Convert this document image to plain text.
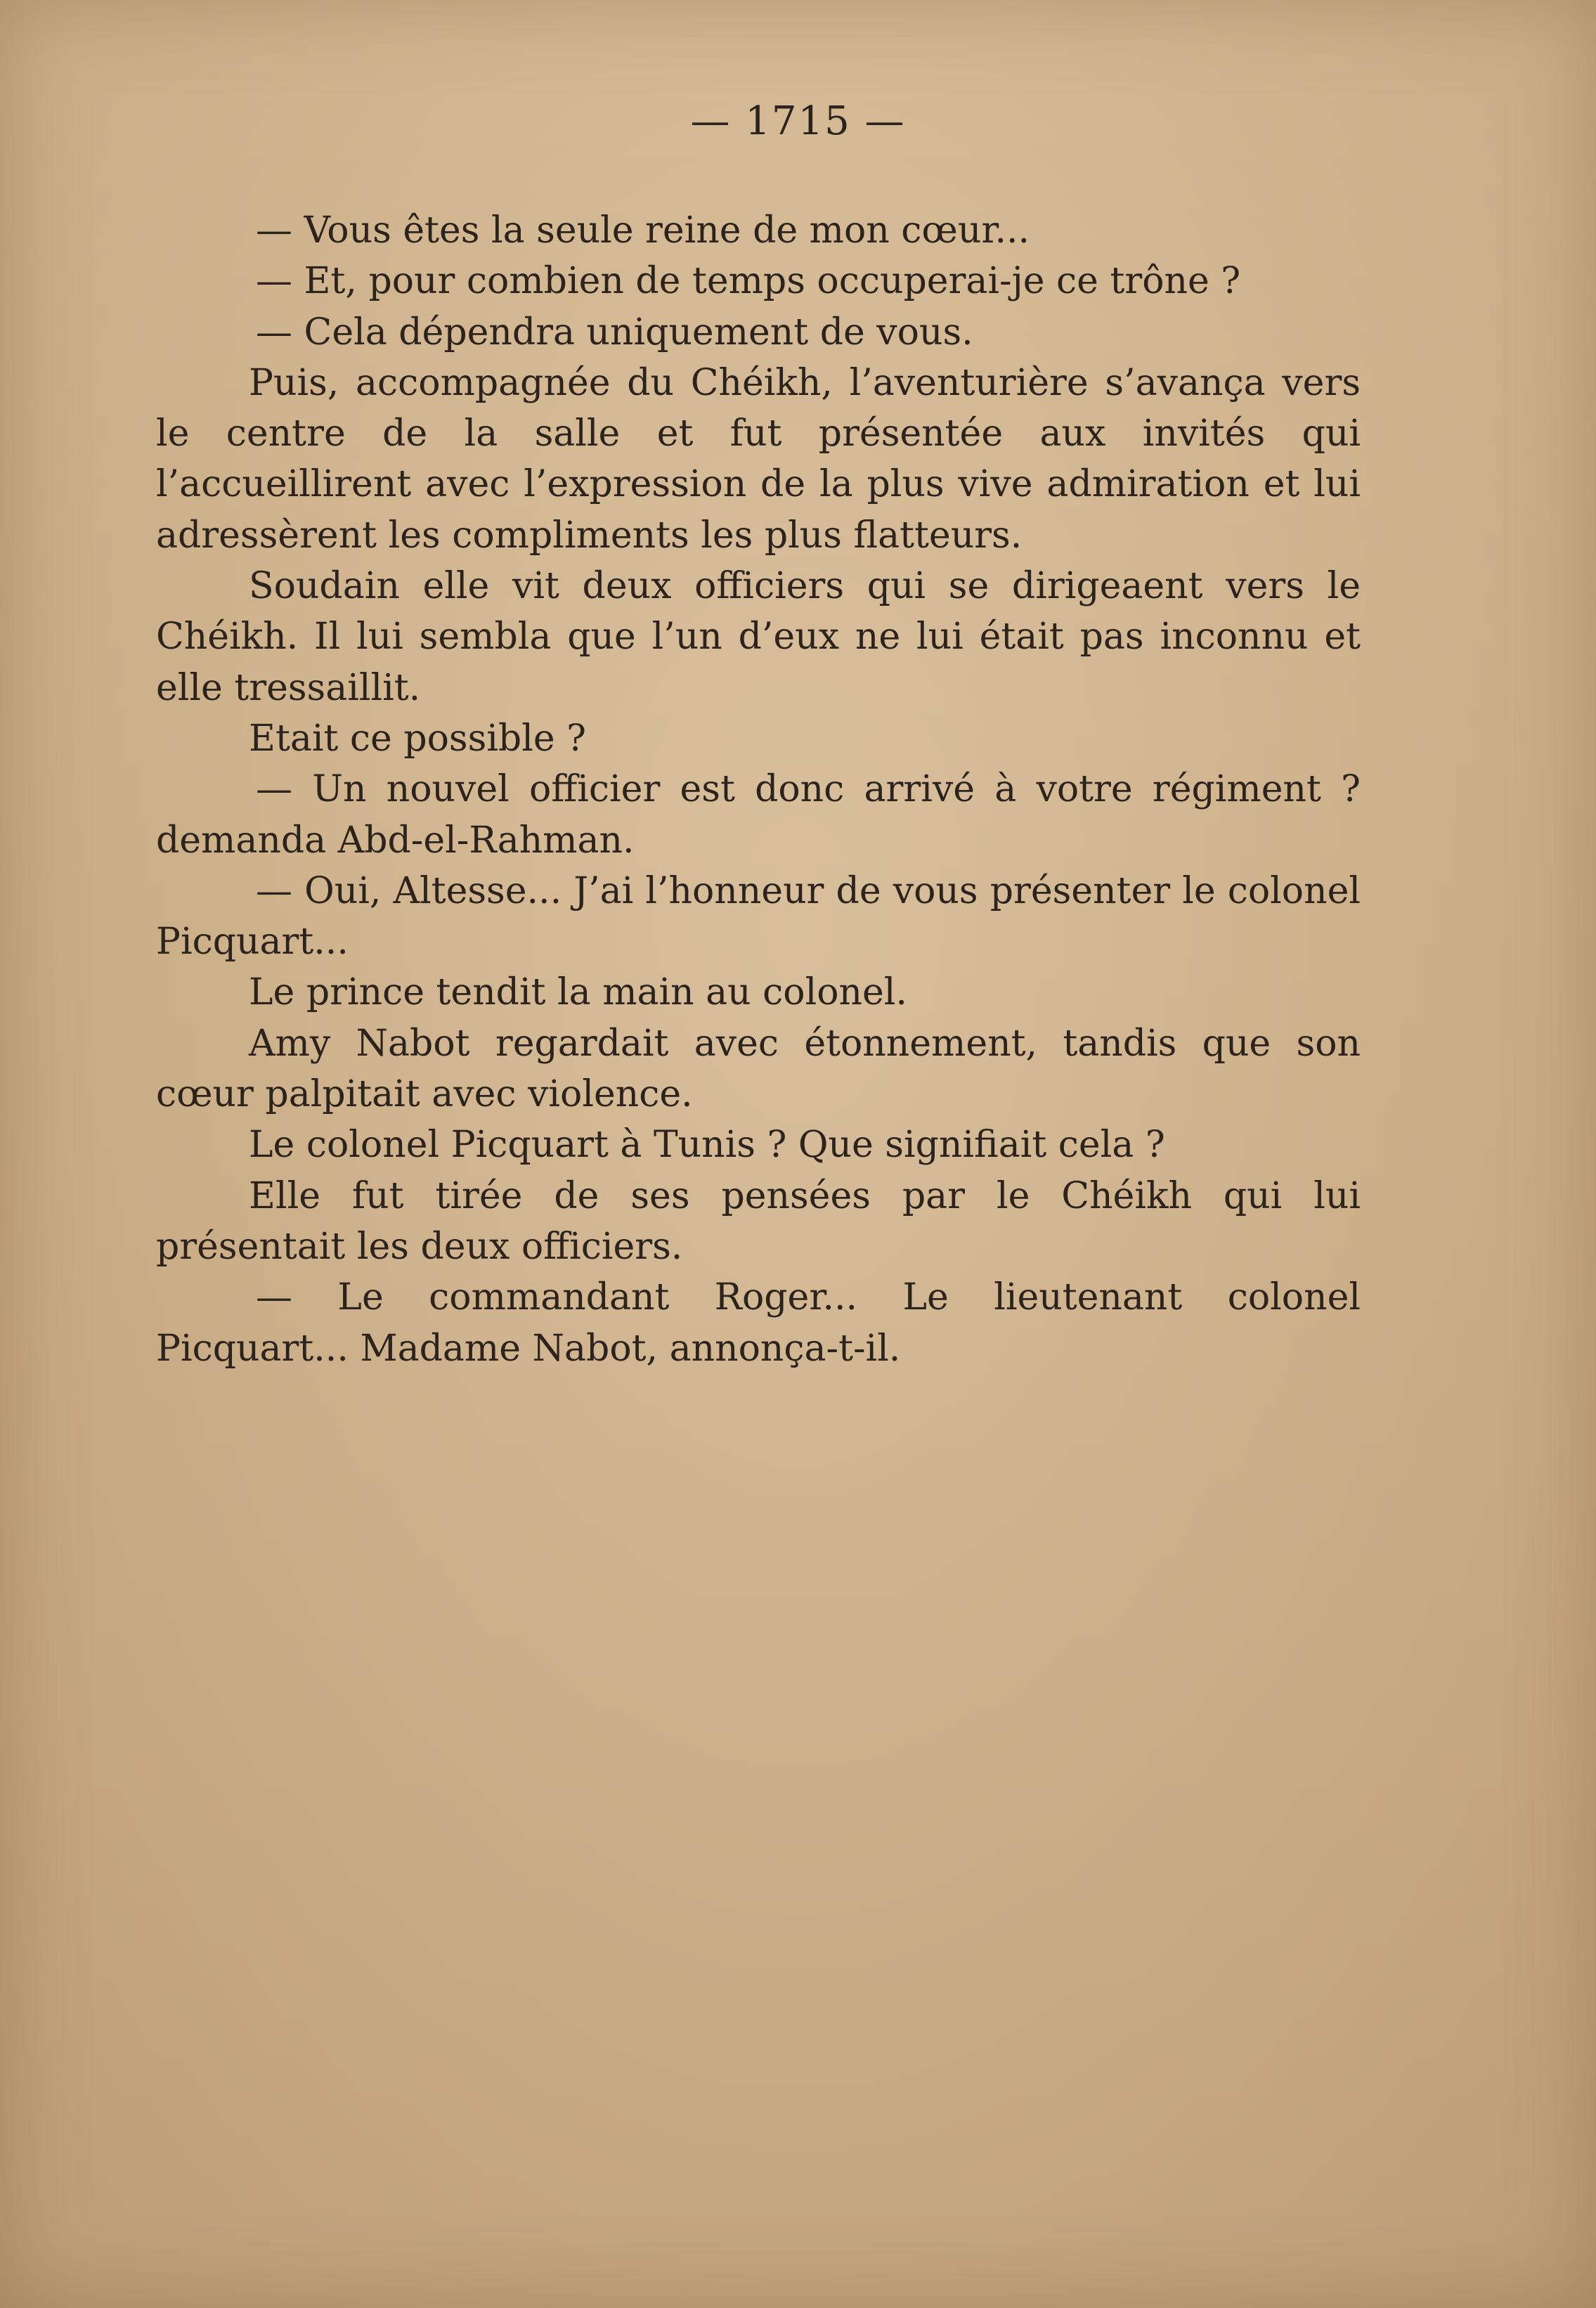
— 1715 —

— Vous êtes la seule reine de mon cœur...

— Et, pour combien de temps occuperai-je ce trône ?

— Cela dépendra uniquement de vous.

Puis, accompagnée du Chéikh, l’aventurière s’avança vers le centre de la salle et fut présentée aux invités qui l’accueillirent avec l’expression de la plus vive admiration et lui adressèrent les compliments les plus flatteurs.

Soudain elle vit deux officiers qui se dirigeaent vers le Chéikh. Il lui sembla que l’un d’eux ne lui était pas inconnu et elle tressaillit.

Etait ce possible ?

— Un nouvel officier est donc arrivé à votre régiment ? demanda Abd-el-Rahman.

— Oui, Altesse... J’ai l’honneur de vous présenter le colonel Picquart...

Le prince tendit la main au colonel.

Amy Nabot regardait avec étonnement, tandis que son cœur palpitait avec violence.

Le colonel Picquart à Tunis ? Que signifiait cela ?

Elle fut tirée de ses pensées par le Chéikh qui lui présentait les deux officiers.

— Le commandant Roger... Le lieutenant colonel Picquart... Madame Nabot, annonça-t-il.
